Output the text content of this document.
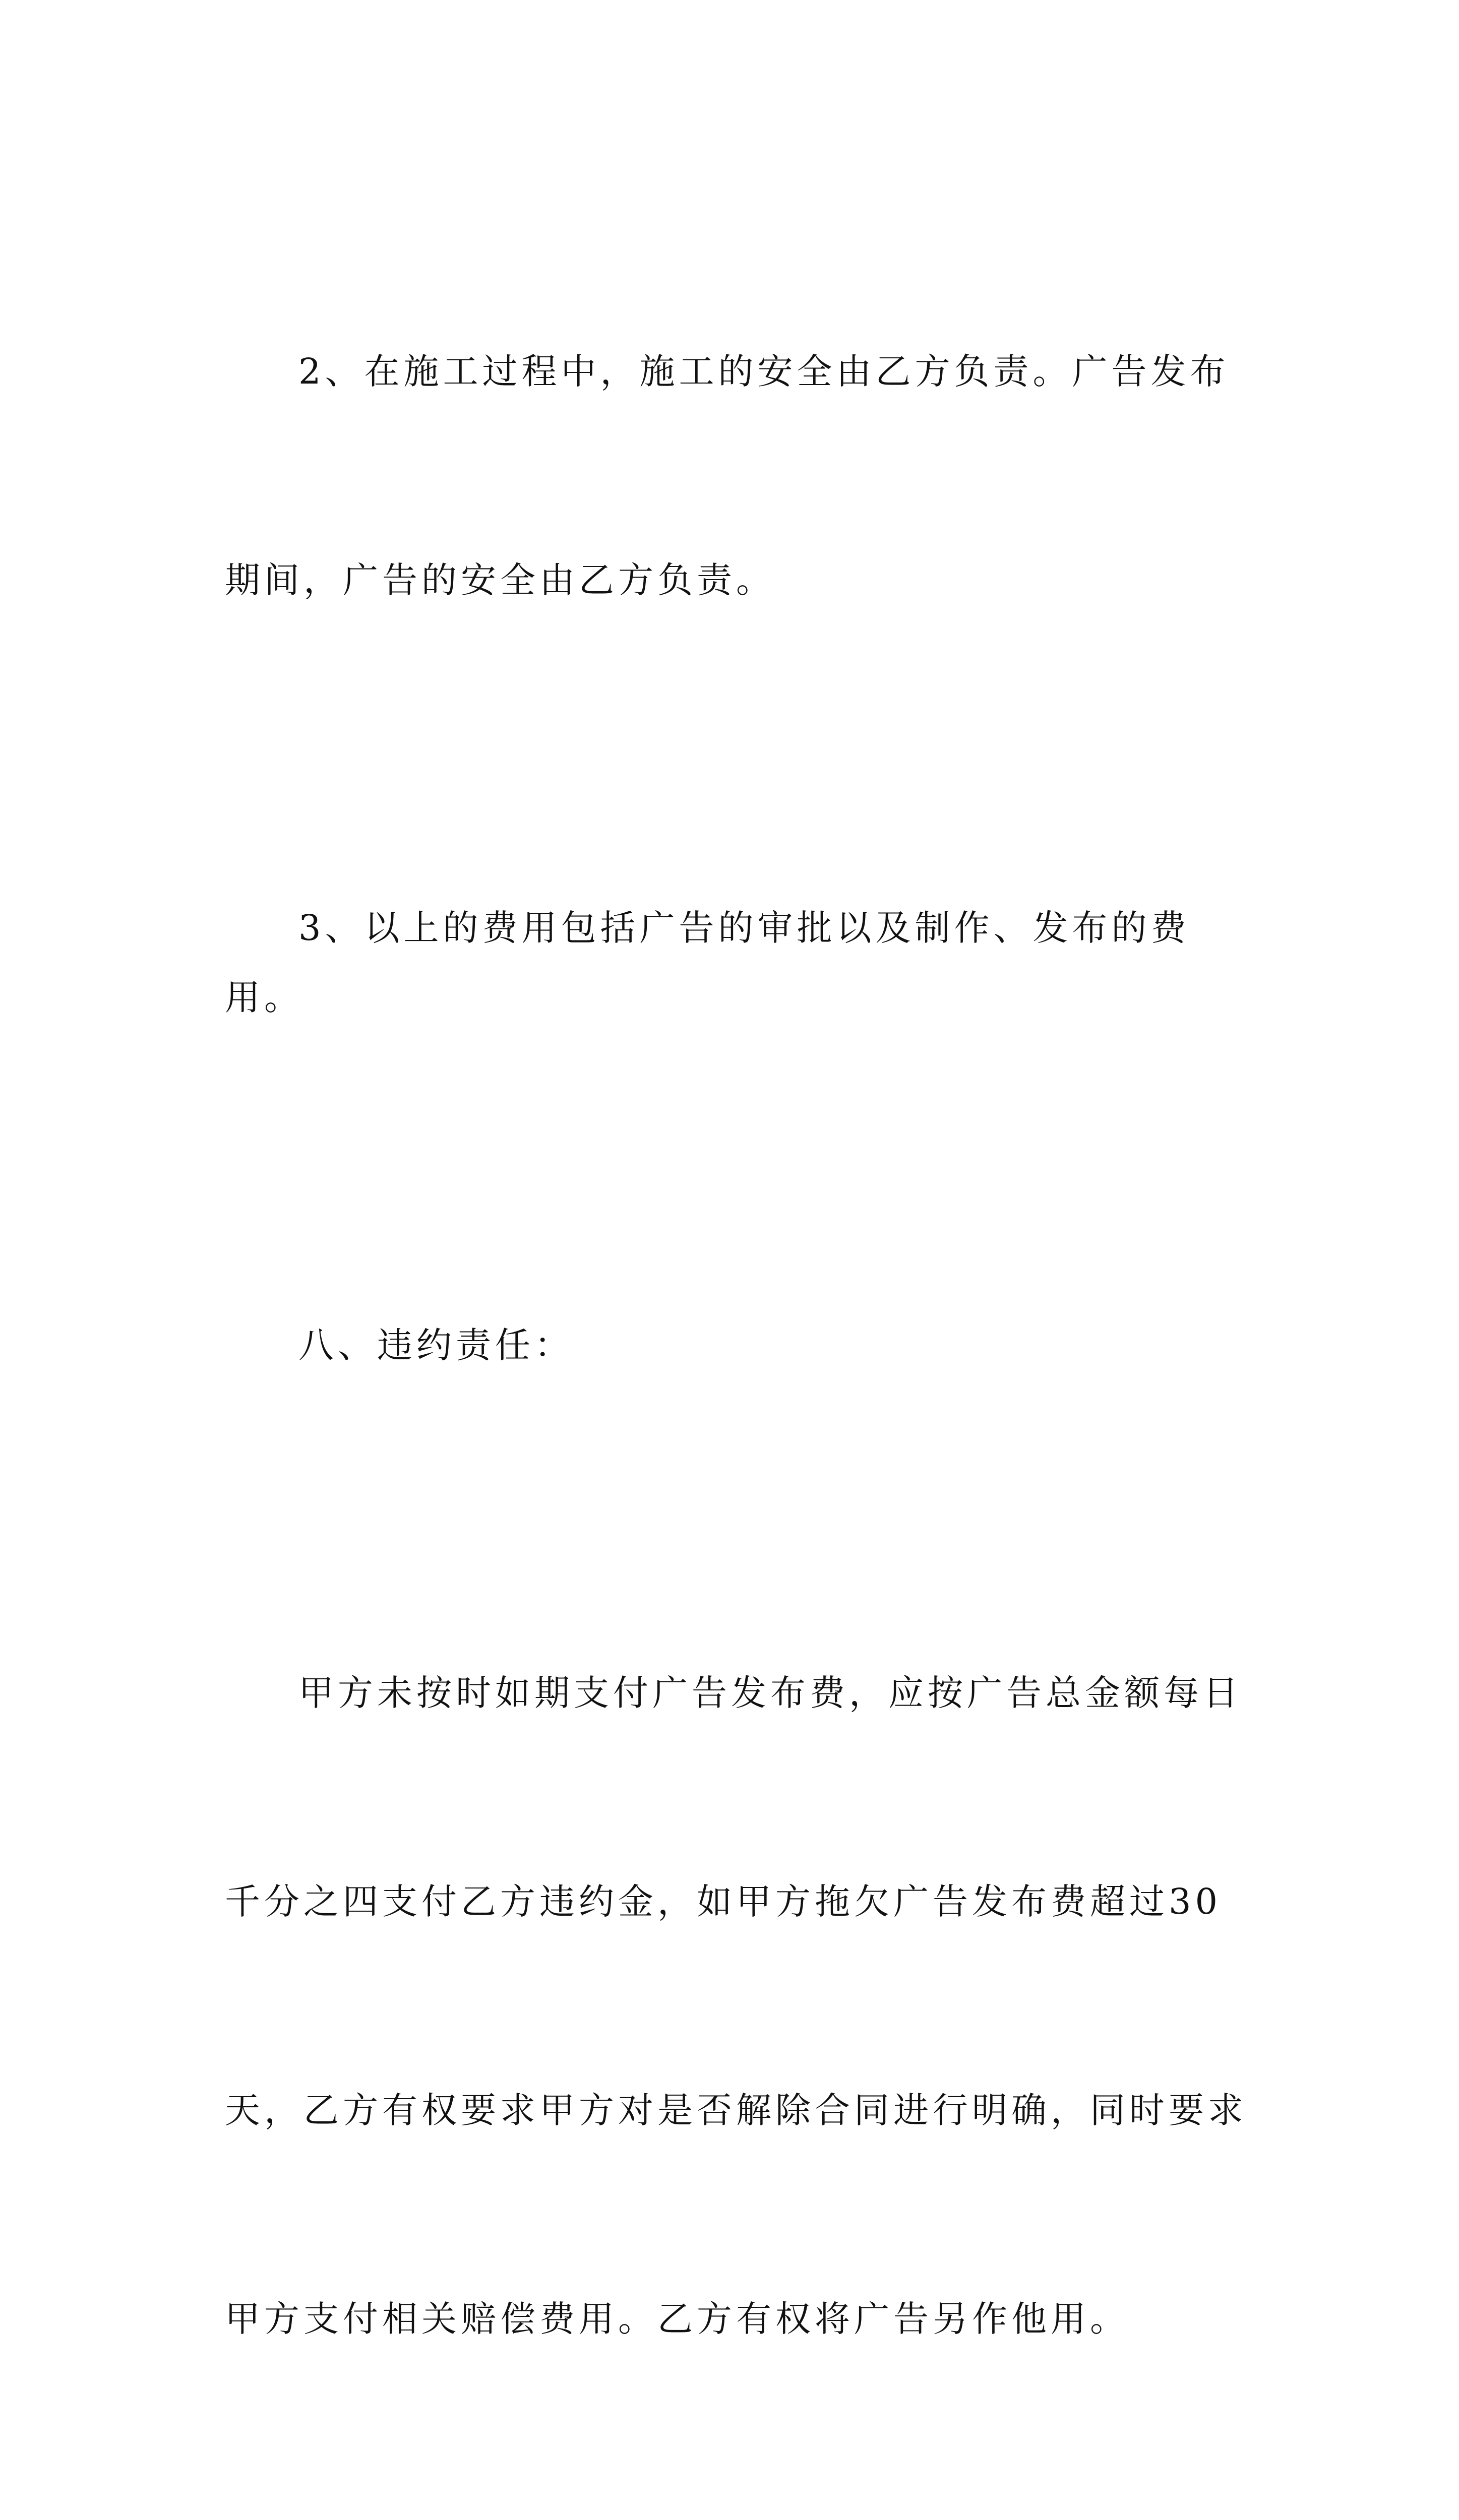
2、在施工过程中，施工的安全由乙方负责。广告发布

期间，广告的安全由乙方负责。

3、以上的费用包括广告的审批以及制作、发布的费用。

八、违约责任：

甲方未按时如期支付广告发布费，应按广告总金额每日

千分之四支付乙方违约金，如甲方拖欠广告发布费超过30

天，乙方有权要求甲方对是否解除合同进行明确，同时要求

甲方支付相关赔偿费用。乙方有权将广告另作他用。
